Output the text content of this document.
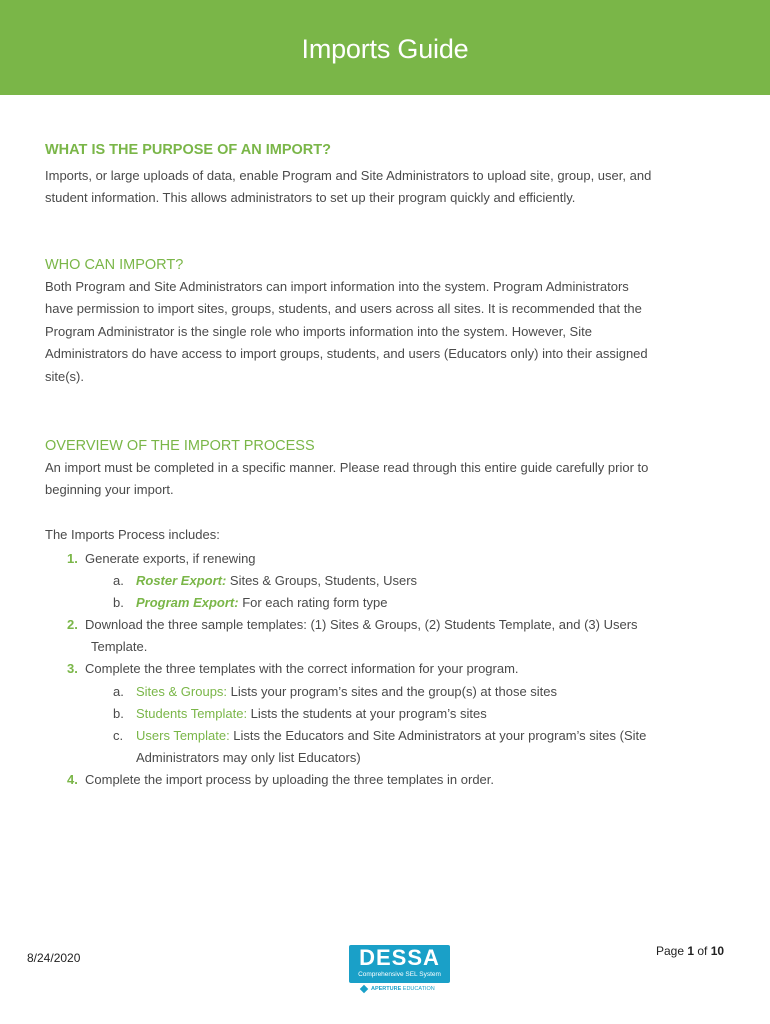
Imports Guide
WHAT IS THE PURPOSE OF AN IMPORT?

Imports, or large uploads of data, enable Program and Site Administrators to upload site, group, user, and

student information. This allows administrators to set up their program quickly and efficiently.

WHO CAN IMPORT?

Both Program and Site Administrators can import information into the system. Program Administrators

have permission to import sites, groups, students, and users across all sites. It is recommended that the

Program Administrator is the single role who imports information into the system. However, Site

Administrators do have access to import groups, students, and users (Educators only) into their assigned

site(s).

OVERVIEW OF THE IMPORT PROCESS

An import must be completed in a specific manner. Please read through this entire guide carefully prior to

beginning your import.

The Imports Process includes:

1. Generate exports, if renewing
a. Roster Export: Sites & Groups, Students, Users
b. Program Export: For each rating form type
2. Download the three sample templates: (1) Sites & Groups, (2) Students Template, and (3) Users
Template.
3. Complete the three templates with the correct information for your program.
a. Sites & Groups: Lists your program’s sites and the group(s) at those sites
b. Students Template: Lists the students at your program’s sites
c. Users Template: Lists the Educators and Site Administrators at your program’s sites (Site
Administrators may only list Educators)
4. Complete the import process by uploading the three templates in order.
8/24/2020	DESSA
Comprehensive SEL System
APERTURE EDUCATION
Page 1 of 10
